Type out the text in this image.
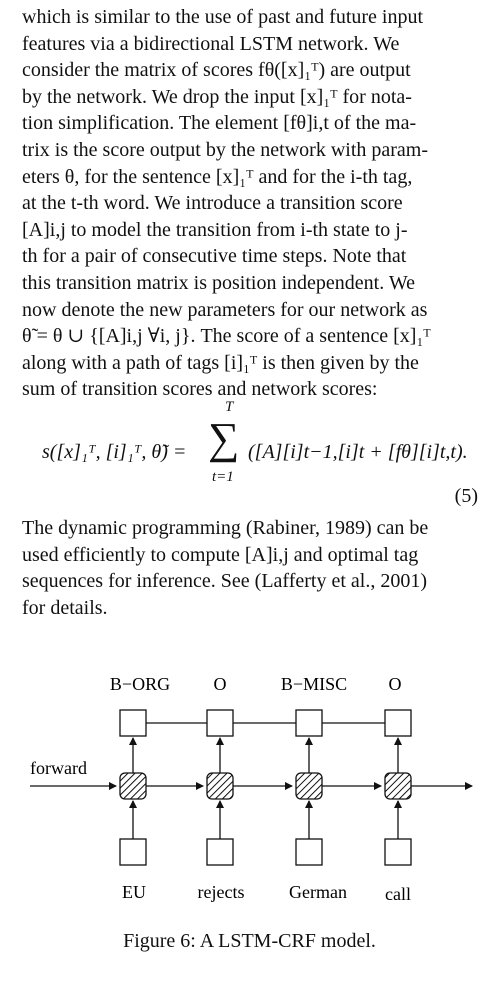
which is similar to the use of past and future input
features via a bidirectional LSTM network. We
consider the matrix of scores fθ([x]₁ᵀ) are output
by the network. We drop the input [x]₁ᵀ for nota-
tion simplification. The element [fθ]i,t of the ma-
trix is the score output by the network with param-
eters θ, for the sentence [x]₁ᵀ and for the i-th tag,
at the t-th word. We introduce a transition score
[A]i,j to model the transition from i-th state to j-
th for a pair of consecutive time steps. Note that
this transition matrix is position independent. We
now denote the new parameters for our network as
θ̃ = θ ∪ {[A]i,j ∀i, j}. The score of a sentence [x]₁ᵀ
along with a path of tags [i]₁ᵀ is then given by the
sum of transition scores and network scores:
s([x]₁ᵀ, [i]₁ᵀ, θ̃) =
T
∑
t=1
([A][i]t−1,[i]t + [fθ][i]t,t).
(5)
The dynamic programming (Rabiner, 1989) can be
used efficiently to compute [A]i,j and optimal tag
sequences for inference. See (Lafferty et al., 2001)
for details.
B−ORG O	B−MISC O
forward
EU	rejects German call
Figure 6: A LSTM-CRF model.
